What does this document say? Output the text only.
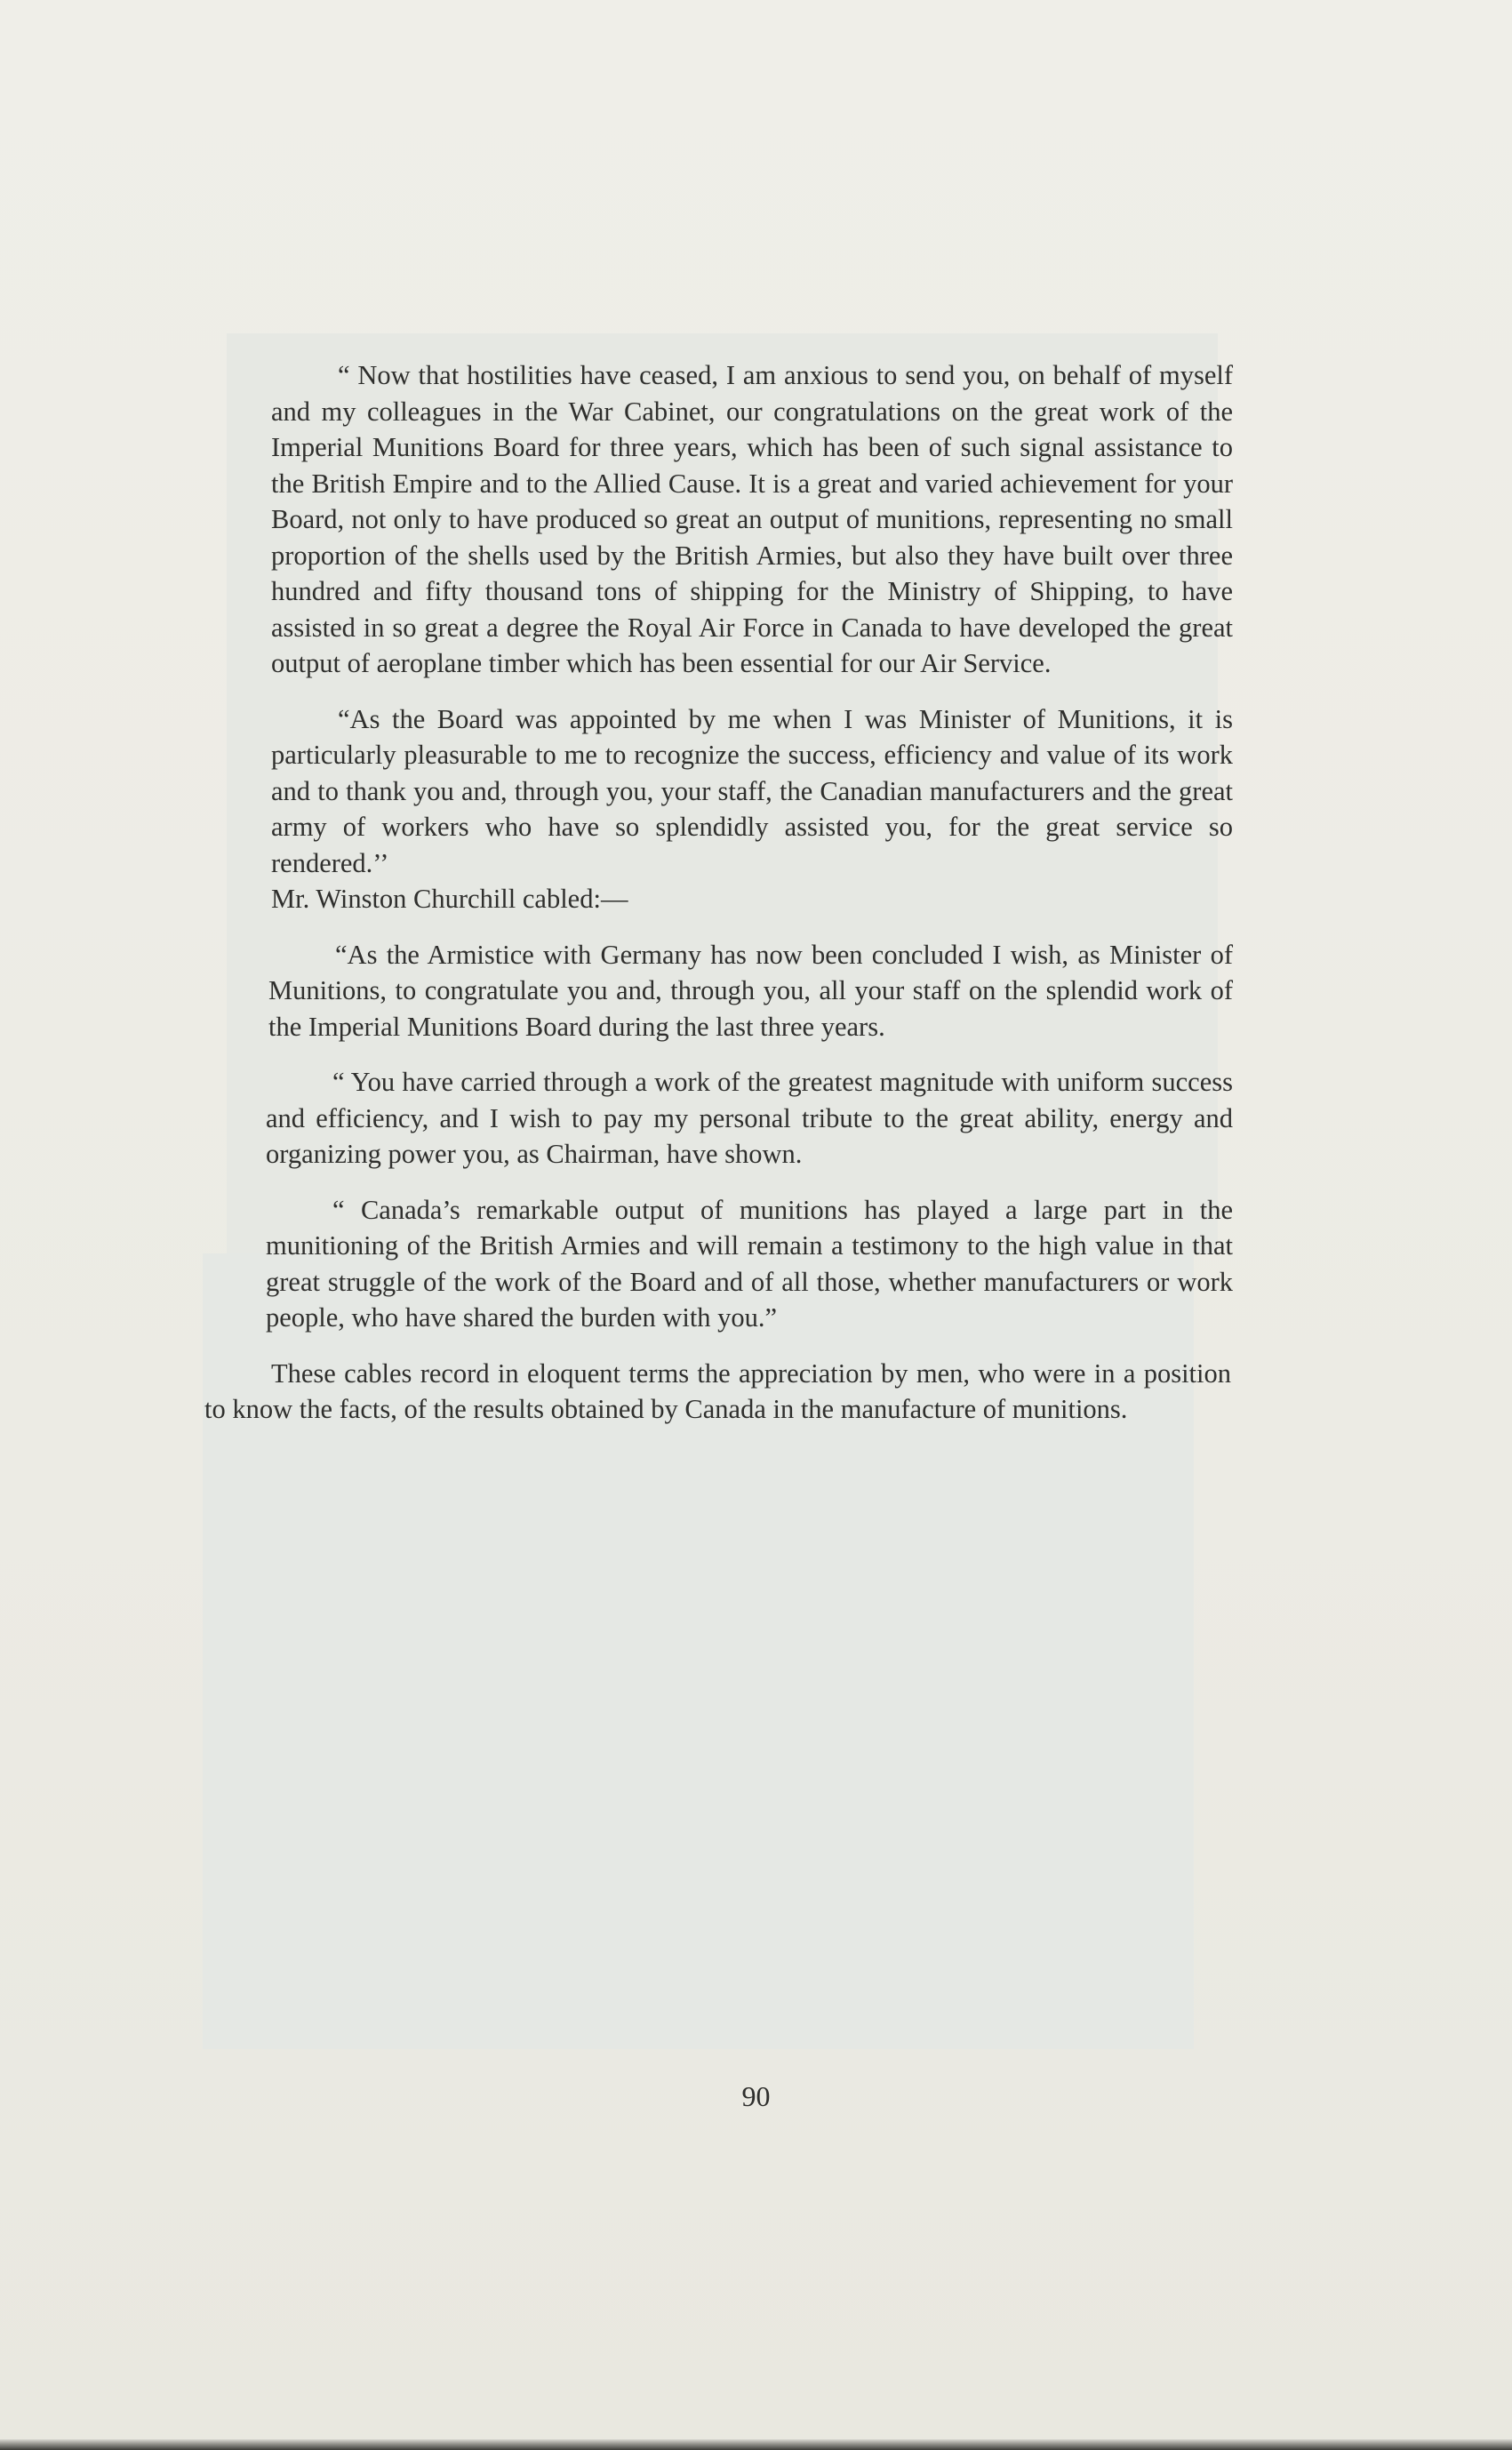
“ Now that hostilities have ceased, I am anxious to send you, on behalf of myself and my colleagues in the War Cabinet, our congratulations on the great work of the Imperial Munitions Board for three years, which has been of such signal assistance to the British Empire and to the Allied Cause. It is a great and varied achievement for your Board, not only to have produced so great an output of munitions, representing no small proportion of the shells used by the British Armies, but also they have built over three hundred and fifty thousand tons of shipping for the Ministry of Shipping, to have assisted in so great a degree the Royal Air Force in Canada to have developed the great output of aeroplane timber which has been essential for our Air Service.

“As the Board was appointed by me when I was Minister of Munitions, it is particularly pleasurable to me to recognize the success, efficiency and value of its work and to thank you and, through you, your staff, the Canadian manufacturers and the great army of workers who have so splendidly assisted you, for the great service so rendered.’’
Mr. Winston Churchill cabled:—

“As the Armistice with Germany has now been concluded I wish, as Minister of Munitions, to congratulate you and, through you, all your staff on the splendid work of the Imperial Munitions Board during the last three years.

“ You have carried through a work of the greatest magnitude with uniform success and efficiency, and I wish to pay my personal tribute to the great ability, energy and organizing power you, as Chairman, have shown.

“ Canada’s remarkable output of munitions has played a large part in the munitioning of the British Armies and will remain a testimony to the high value in that great struggle of the work of the Board and of all those, whether manufacturers or work people, who have shared the burden with you.”

These cables record in eloquent terms the appreciation by men, who were in a position to know the facts, of the results obtained by Canada in the manufacture of munitions.

90
